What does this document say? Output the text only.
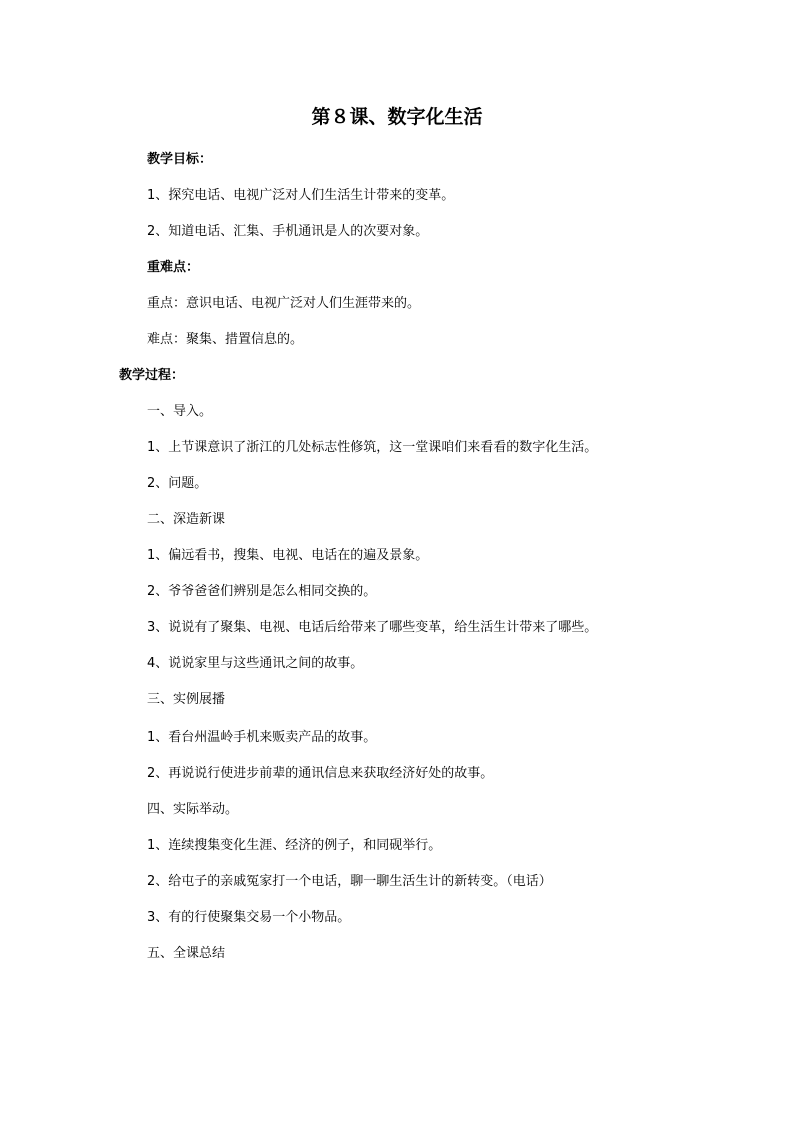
第８课、数字化生活
教学目标：
1、探究电话、电视广泛对人们生活生计带来的变革。
2、知道电话、汇集、手机通讯是人的次要对象。
重难点：
重点：意识电话、电视广泛对人们生涯带来的。
难点：聚集、措置信息的。
教学过程：
一、导入。
1、上节课意识了浙江的几处标志性修筑，这一堂课咱们来看看的数字化生活。
2、问题。
二、深造新课
1、偏远看书，搜集、电视、电话在的遍及景象。
2、爷爷爸爸们辨别是怎么相同交换的。
3、说说有了聚集、电视、电话后给带来了哪些变革，给生活生计带来了哪些。
4、说说家里与这些通讯之间的故事。
三、实例展播
1、看台州温岭手机来贩卖产品的故事。
2、再说说行使进步前辈的通讯信息来获取经济好处的故事。
四、实际举动。
1、连续搜集变化生涯、经济的例子，和同砚举行。
2、给屯子的亲戚冤家打一个电话，聊一聊生活生计的新转变。（电话）
3、有的行使聚集交易一个小物品。
五、全课总结
